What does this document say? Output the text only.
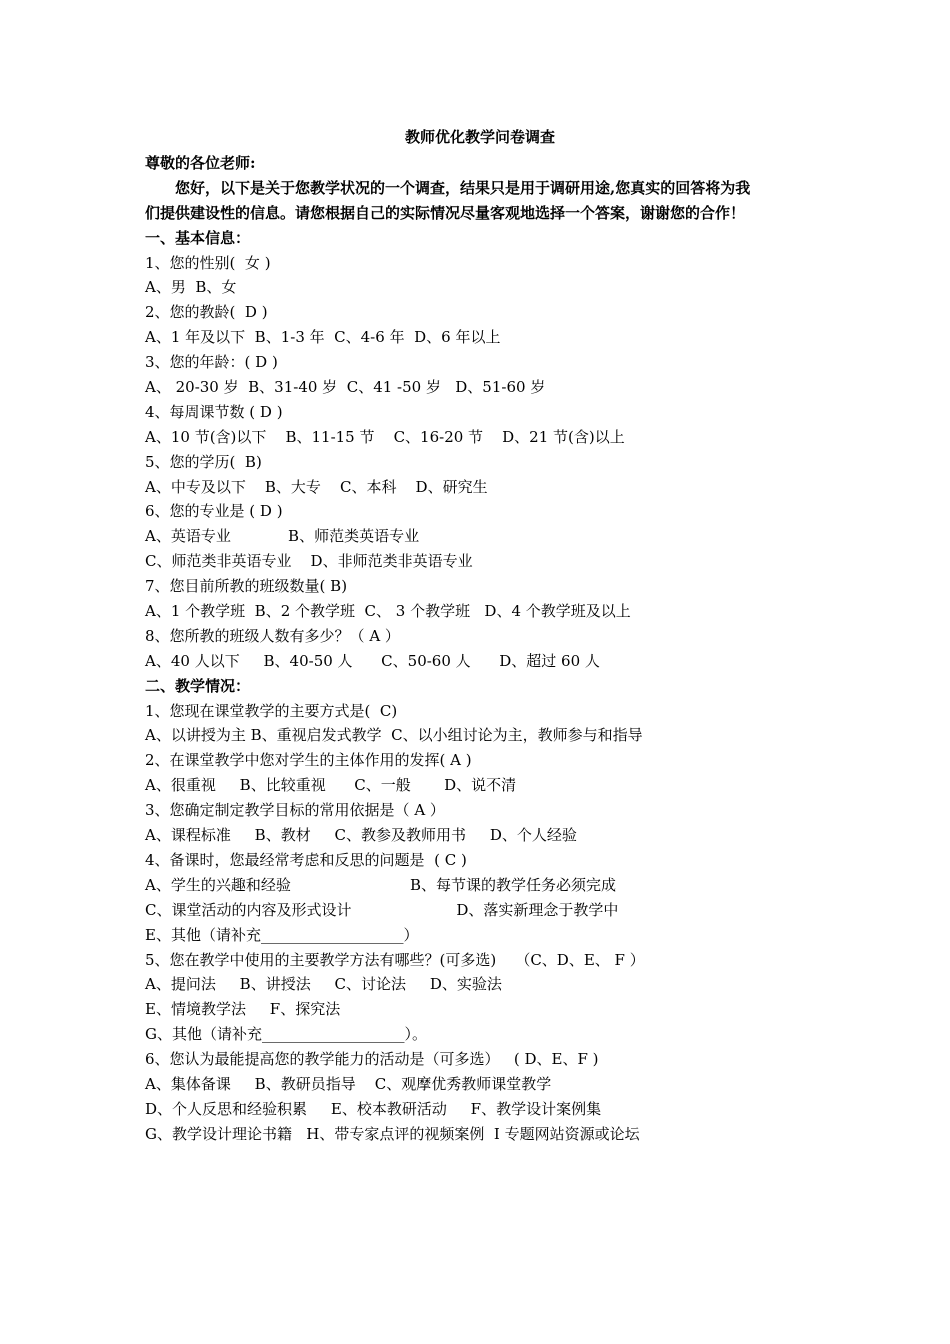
教师优化教学问卷调查
尊敬的各位老师:
您好，以下是关于您教学状况的一个调查，结果只是用于调研用途,您真实的回答将为我
们提供建设性的信息。请您根据自己的实际情况尽量客观地选择一个答案，谢谢您的合作！
一、基本信息：
1、您的性别(  女 )
A、男  B、女
2、您的教龄(  D )
A、1 年及以下  B、1-3 年  C、4-6 年  D、6 年以上
3、您的年龄：( D )
A、 20-30 岁  B、31-40 岁  C、41 -50 岁   D、51-60 岁
4、每周课节数 ( D )
A、10 节(含)以下    B、11-15 节    C、16-20 节    D、21 节(含)以上
5、您的学历(  B)
A、中专及以下    B、大专    C、本科    D、研究生
6、您的专业是 ( D )
A、英语专业            B、师范类英语专业
C、师范类非英语专业    D、非师范类非英语专业
7、您目前所教的班级数量( B)
A、1 个教学班  B、2 个教学班  C、 3 个教学班   D、4 个教学班及以上
8、您所教的班级人数有多少？（ A ）
A、40 人以下     B、40-50 人      C、50-60 人      D、超过 60 人
二、教学情况：
1、您现在课堂教学的主要方式是(  C)
A、以讲授为主 B、重视启发式教学  C、以小组讨论为主，教师参与和指导
2、在课堂教学中您对学生的主体作用的发挥( A )
A、很重视     B、比较重视      C、一般       D、说不清
3、您确定制定教学目标的常用依据是（ A ）
A、课程标准     B、教材     C、教参及教师用书     D、个人经验
4、备课时，您最经常考虑和反思的问题是  ( C )
A、学生的兴趣和经验                         B、每节课的教学任务必须完成
C、课堂活动的内容及形式设计                      D、落实新理念于教学中
E、其他（请补充___________________）
5、您在教学中使用的主要教学方法有哪些？(可多选)    （C、D、E、 F ）
A、提问法     B、讲授法     C、讨论法     D、实验法
E、情境教学法     F、探究法
G、其他（请补充___________________）。
6、您认为最能提高您的教学能力的活动是（可多选）   ( D、E、F )
A、集体备课     B、教研员指导    C、观摩优秀教师课堂教学
D、个人反思和经验积累     E、校本教研活动     F、教学设计案例集
G、教学设计理论书籍   H、带专家点评的视频案例  I 专题网站资源或论坛
